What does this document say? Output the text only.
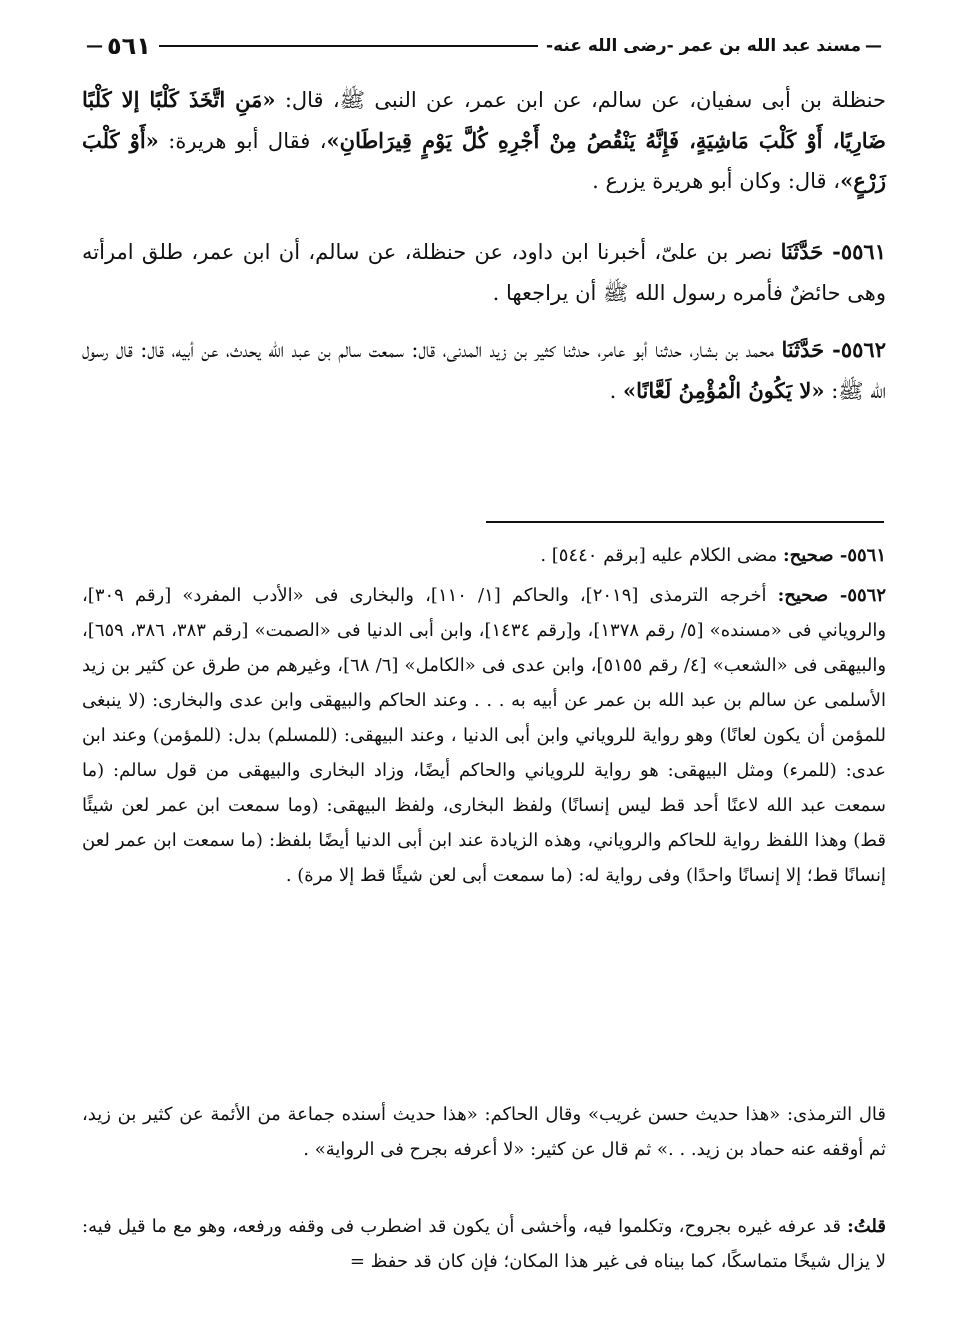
—
مسند عبد الله بن عمر -رضى الله عنه-
٥٦١
—

حنظلة بن أبى سفيان، عن سالم، عن ابن عمر، عن النبى ﷺ، قال: «مَنِ اتَّخَذَ كَلْبًا إلا كَلْبًا ضَارِيًا، أَوْ كَلْبَ مَاشِيَةٍ، فَإِنَّهُ يَنْقُصُ مِنْ أَجْرِهِ كُلَّ يَوْمٍ قِيرَاطَانِ»، فقال أبو هريرة: «أَوْ كَلْبَ زَرْعٍ»، قال: وكان أبو هريرة يزرع .

٥٥٦١- حَدَّثَنَا نصر بن علىّ، أخبرنا ابن داود، عن حنظلة، عن سالم، أن ابن عمر، طلق امرأته وهى حائضٌ فأمره رسول الله ﷺ أن يراجعها .

٥٥٦٢- حَدَّثَنَا محمد بن بشار، حدثنا أبو عامر، حدثنا كثير بن زيد المدنى، قال: سمعت سالم بن عبد الله يحدث، عن أبيه، قال: قال رسول الله ﷺ: «لا يَكُونُ الْمُؤْمِنُ لَعَّانًا» .

٥٥٦١- صحيح: مضى الكلام عليه [برقم ٥٤٤٠] .

٥٥٦٢- صحيح: أخرجه الترمذى [٢٠١٩]، والحاكم [١/ ١١٠]، والبخارى فى «الأدب المفرد» [رقم ٣٠٩]، والروياني فى «مسنده» [٥/ رقم ١٣٧٨]، و[رقم ١٤٣٤]، وابن أبى الدنيا فى «الصمت» [رقم ٣٨٣، ٣٨٦، ٦٥٩]، والبيهقى فى «الشعب» [٤/ رقم ٥١٥٥]، وابن عدى فى «الكامل» [٦/ ٦٨]، وغيرهم من طرق عن كثير بن زيد الأسلمى عن سالم بن عبد الله بن عمر عن أبيه به . . . وعند الحاكم والبيهقى وابن عدى والبخارى: (لا ينبغى للمؤمن أن يكون لعانًا) وهو رواية للروياني وابن أبى الدنيا ، وعند البيهقى: (للمسلم) بدل: (للمؤمن) وعند ابن عدى: (للمرء) ومثل البيهقى: هو رواية للروياني والحاكم أيضًا، وزاد البخارى والبيهقى من قول سالم: (ما سمعت عبد الله لاعنًا أحد قط ليس إنسانًا) ولفظ البخارى، ولفظ البيهقى: (وما سمعت ابن عمر لعن شيئًا قط) وهذا اللفظ رواية للحاكم والروياني، وهذه الزيادة عند ابن أبى الدنيا أيضًا بلفظ: (ما سمعت ابن عمر لعن إنسانًا قط؛ إلا إنسانًا واحدًا) وفى رواية له: (ما سمعت أبى لعن شيئًا قط إلا مرة) .

قال الترمذى: «هذا حديث حسن غريب» وقال الحاكم: «هذا حديث أسنده جماعة من الأئمة عن كثير بن زيد، ثم أوقفه عنه حماد بن زيد. . .» ثم قال عن كثير: «لا أعرفه بجرح فى الرواية» .

قلتُ: قد عرفه غيره بجروح، وتكلموا فيه، وأخشى أن يكون قد اضطرب فى وقفه ورفعه، وهو مع ما قيل فيه: لا يزال شيخًا متماسكًا، كما بيناه فى غير هذا المكان؛ فإن كان قد حفظ =
